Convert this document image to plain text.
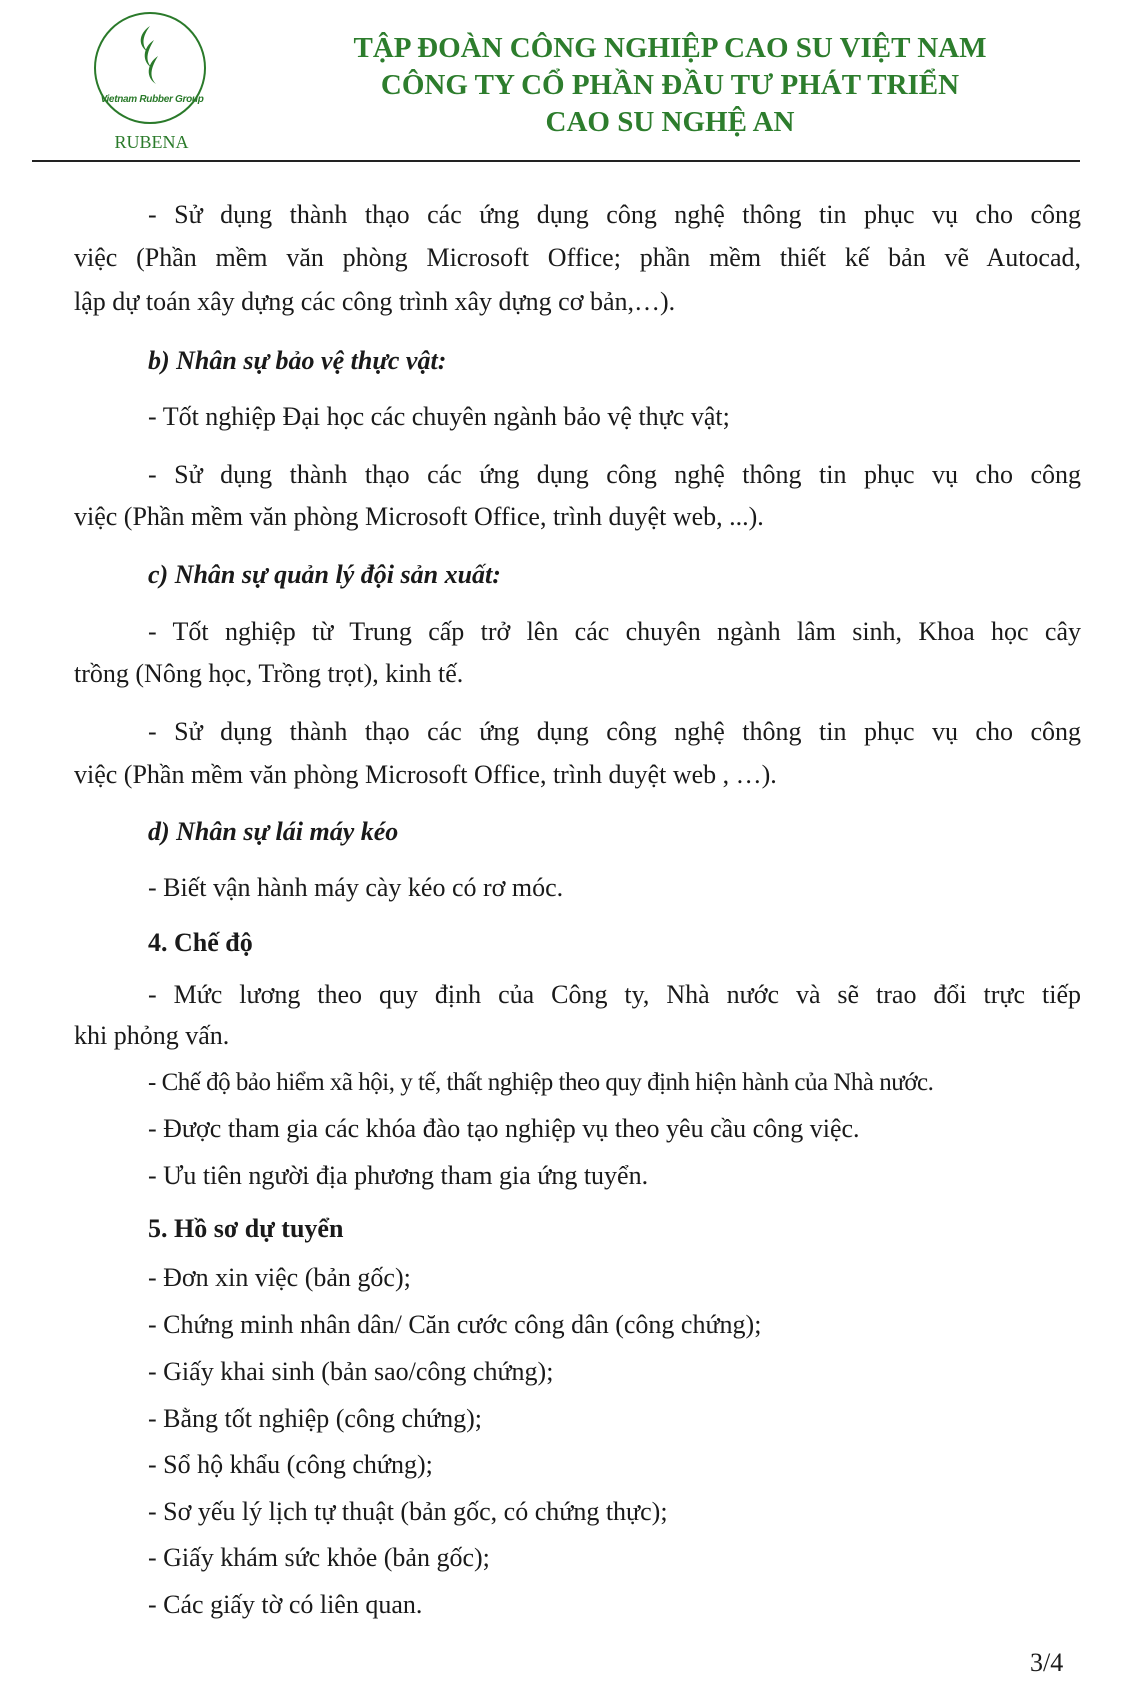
Vietnam Rubber Group
RUBENA
TẬP ĐOÀN CÔNG NGHIỆP CAO SU VIỆT NAM
CÔNG TY CỔ PHẦN ĐẦU TƯ PHÁT TRIỂN
CAO SU NGHỆ AN
- Sử dụng thành thạo các ứng dụng công nghệ thông tin phục vụ cho công
việc (Phần mềm văn phòng Microsoft Office; phần mềm thiết kế bản vẽ Autocad,
lập dự toán xây dựng các công trình xây dựng cơ bản,…).
b) Nhân sự bảo vệ thực vật:
- Tốt nghiệp Đại học các chuyên ngành bảo vệ thực vật;
- Sử dụng thành thạo các ứng dụng công nghệ thông tin phục vụ cho công
việc (Phần mềm văn phòng Microsoft Office, trình duyệt web, ...).
c) Nhân sự quản lý đội sản xuất:
- Tốt nghiệp từ Trung cấp trở lên các chuyên ngành lâm sinh, Khoa học cây
trồng (Nông học, Trồng trọt), kinh tế.
- Sử dụng thành thạo các ứng dụng công nghệ thông tin phục vụ cho công
việc (Phần mềm văn phòng Microsoft Office, trình duyệt web , …).
d) Nhân sự lái máy kéo
- Biết vận hành máy cày kéo có rơ móc.
4. Chế độ
- Mức lương theo quy định của Công ty, Nhà nước và sẽ trao đổi trực tiếp
khi phỏng vấn.
- Chế độ bảo hiểm xã hội, y tế, thất nghiệp theo quy định hiện hành của Nhà nước.
- Được tham gia các khóa đào tạo nghiệp vụ theo yêu cầu công việc.
- Ưu tiên người địa phương tham gia ứng tuyển.
5. Hồ sơ dự tuyển
- Đơn xin việc (bản gốc);
- Chứng minh nhân dân/ Căn cước công dân (công chứng);
- Giấy khai sinh (bản sao/công chứng);
- Bằng tốt nghiệp (công chứng);
- Sổ hộ khẩu (công chứng);
- Sơ yếu lý lịch tự thuật (bản gốc, có chứng thực);
- Giấy khám sức khỏe (bản gốc);
- Các giấy tờ có liên quan.
3/4
